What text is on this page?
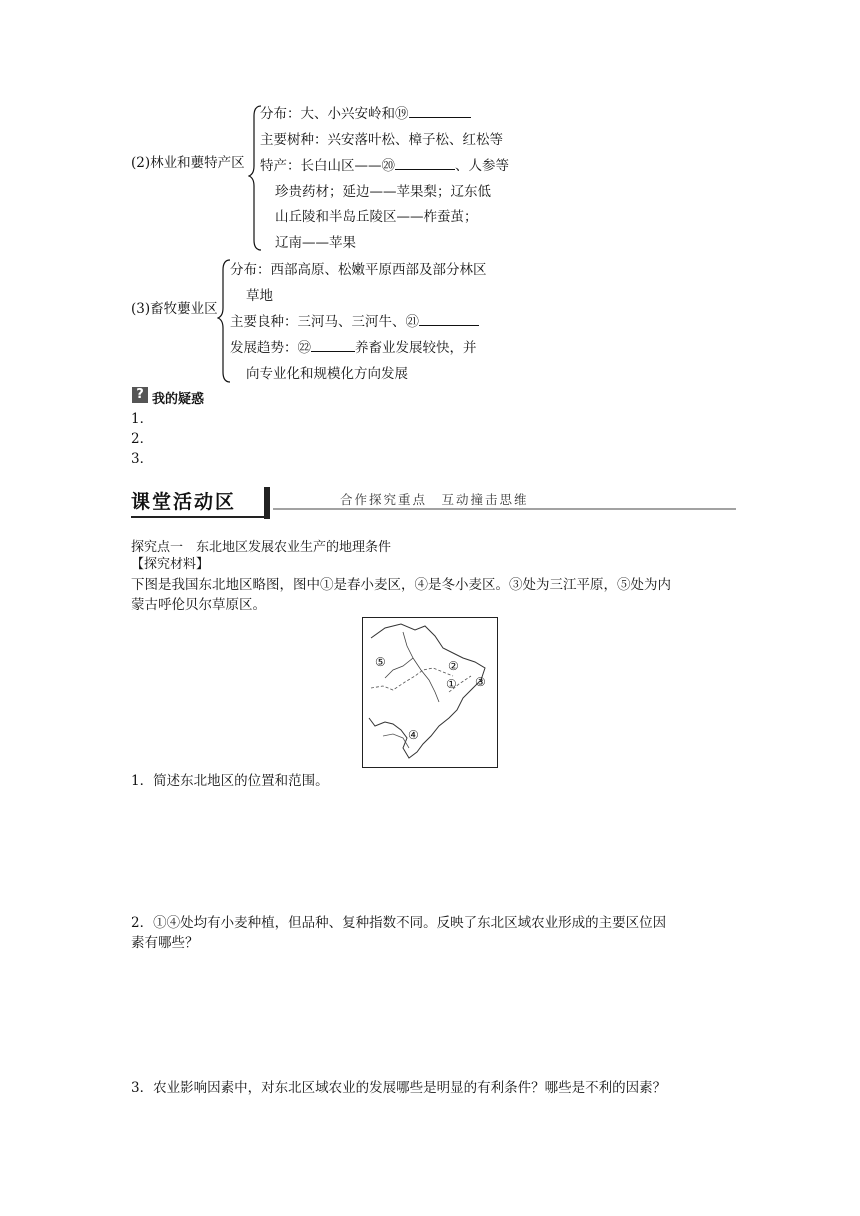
(2)林业和蘡特产区
分布：大、小兴安岭和⑲
主要树种：兴安落叶松、樟子松、红松等
特产：长白山区——⑳	、人参等
珍贵药材；延边——苹果梨；辽东低
山丘陵和半岛丘陵区——柞蚕茧；
辽南——苹果
(3)畜牧蘡业区
分布：西部高原、松嫩平原西部及部分林区
草地
主要良种：三河马、三河牛、㉑
发展趋势：㉒	养畜业发展较快，并
向专业化和规模化方向发展
? 我的疑惑
1．
2．
3．
课堂活动区	合作探究重点　互动撞击思维
探究点一　东北地区发展农业生产的地理条件
【探究材料】
下图是我国东北地区略图，图中①是春小麦区，④是冬小麦区。③处为三江平原，⑤处为内
蒙古呼伦贝尔草原区。
⑤	②
① ③
④
1．简述东北地区的位置和范围。
2．①④处均有小麦种植，但品种、复种指数不同。反映了东北区域农业形成的主要区位因
素有哪些？
3．农业影响因素中，对东北区域农业的发展哪些是明显的有利条件？哪些是不利的因素？
